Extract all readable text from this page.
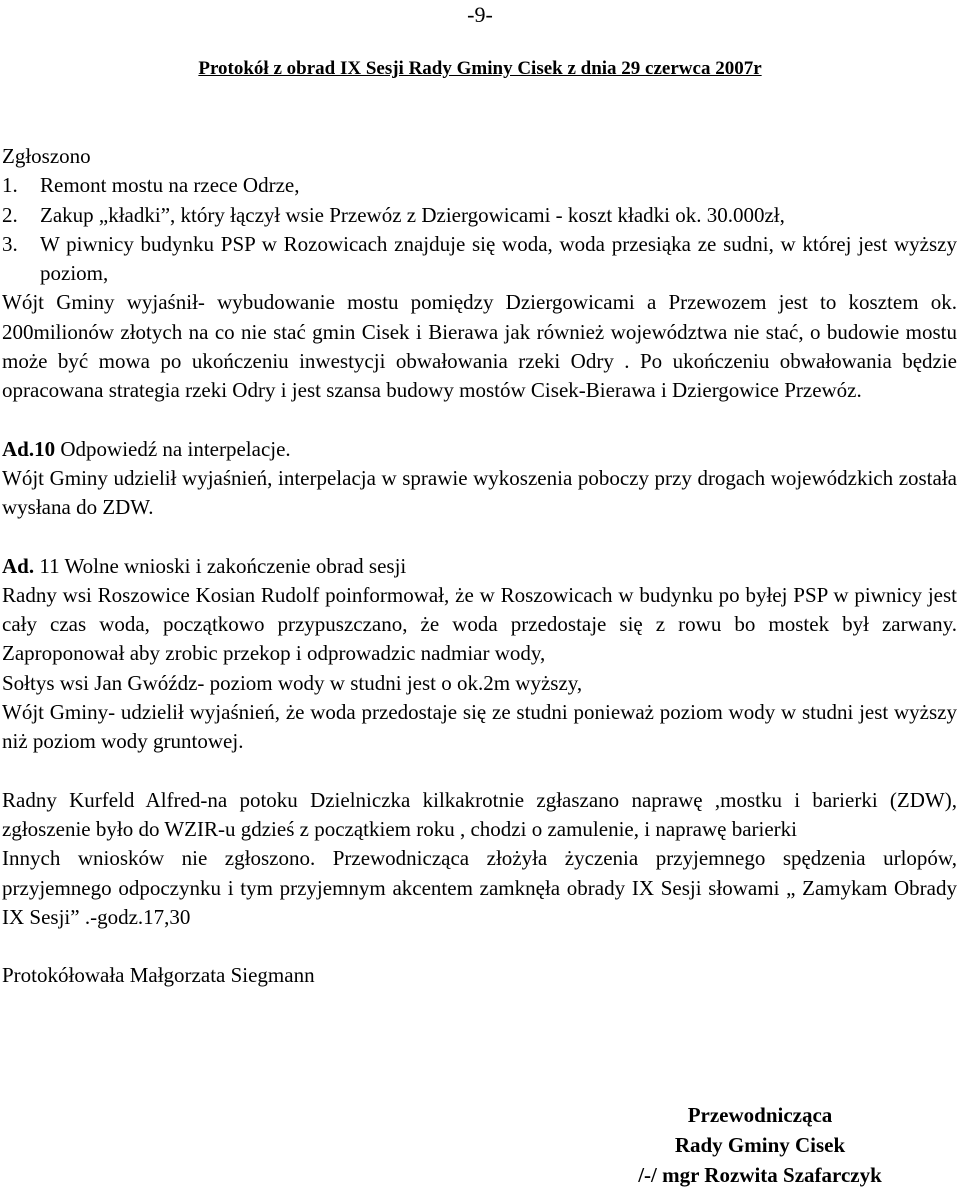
-9-
Protokół z obrad IX Sesji Rady Gminy Cisek z dnia 29 czerwca 2007r

Zgłoszono

1. Remont mostu na rzece Odrze,
2. Zakup „kładki”, który łączył wsie Przewóz z Dziergowicami - koszt kładki ok. 30.000zł,
3. W piwnicy budynku PSP w Rozowicach znajduje się woda, woda przesiąka ze sudni, w której jest wyższy poziom,

Wójt Gminy wyjaśnił- wybudowanie mostu pomiędzy Dziergowicami a Przewozem jest to kosztem ok. 200milionów złotych na co nie stać gmin Cisek i Bierawa jak również województwa nie stać, o budowie mostu może być mowa po ukończeniu inwestycji obwałowania rzeki Odry . Po ukończeniu obwałowania będzie opracowana strategia rzeki Odry i jest szansa budowy mostów Cisek-Bierawa i Dziergowice Przewóz.

Ad.10 Odpowiedź na interpelacje.

Wójt Gminy udzielił wyjaśnień, interpelacja w sprawie wykoszenia poboczy przy drogach wojewódzkich została wysłana do ZDW.

Ad. 11 Wolne wnioski i zakończenie obrad sesji

Radny wsi Roszowice Kosian Rudolf poinformował, że w Roszowicach w budynku po byłej PSP w piwnicy jest cały czas woda, początkowo przypuszczano, że woda przedostaje się z rowu bo mostek był zarwany. Zaproponował aby zrobic przekop i odprowadzic nadmiar wody,

Sołtys wsi Jan Gwóźdz- poziom wody w studni jest o ok.2m wyższy,

Wójt Gminy- udzielił wyjaśnień, że woda przedostaje się ze studni ponieważ poziom wody w studni jest wyższy niż poziom wody gruntowej.

Radny Kurfeld Alfred-na potoku Dzielniczka kilkakrotnie zgłaszano naprawę ,mostku i barierki (ZDW), zgłoszenie było do WZIR-u gdzieś z początkiem roku , chodzi o zamulenie, i naprawę barierki

Innych wniosków nie zgłoszono. Przewodnicząca złożyła życzenia przyjemnego spędzenia urlopów, przyjemnego odpoczynku i tym przyjemnym akcentem zamknęła obrady IX Sesji słowami „ Zamykam Obrady IX Sesji” .-godz.17,30

Protokółowała Małgorzata Siegmann

Przewodnicząca
Rady Gminy Cisek
/-/ mgr Rozwita Szafarczyk
